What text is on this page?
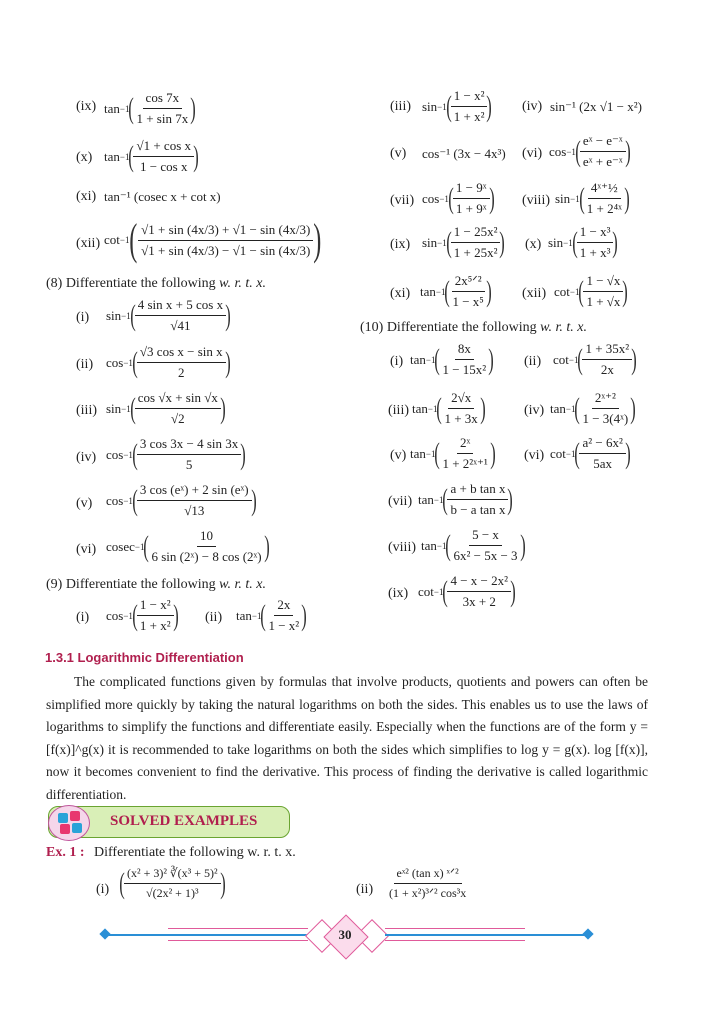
(ix) tan −1 ( $\frac{\cos 7x}{1 + \sin 7x}$ )
(x) tan −1 ( $\frac{\text{√1 + cos x}}{\text{1 − cos x}}$ )
(xi) tan⁻¹ (cosec x + cot x)
(xii) cot −1 ( $\frac{√1 + \sin (4x/3) + √1 - \sin (4x/3)}{√1 + \sin (4x/3) - √1 - \sin (4x/3)}$ )
(8) Differentiate the following w. r. t. x.
(i) sin −1 ( $\frac{\text{4 sin x + 5 cos x}}{√41}$ )
(ii) cos −1 ( $\frac{\text{√3 cos x − sin x}}{2}$ )
(iii) sin −1 ( $\frac{\cos √x + \sin √x}{√2}$ )
(iv) cos −1 ( $\frac{3 \cos 3x - 4 \sin 3x}{5}$ )
(v) cos −1 ( $\frac{\text{3 cos (eˣ) + 2 sin (eˣ)}}{√13}$ )
(vi) cosec −1 ( $\frac{10}{\text{6 sin (2ˣ) − 8 cos (2ˣ)}}$ )
(9) Differentiate the following w. r. t. x.
(i) cos −1 ( $\frac{\text{1 − x²}}{\text{1 + x²}}$ ) (ii) tan −1 ( $\frac{2x}{\text{1 − x²}}$ )
(iii) sin −1 ( $\frac{\text{1 − x²}}{\text{1 + x²}}$ ) (iv) sin⁻¹ (2x √1 − x²)
(v) cos⁻¹ (3x − 4x³) (vi) cos −1 ( $\frac{\text{eˣ − e⁻ˣ}}{\text{eˣ + e⁻ˣ}}$ )
(vii) cos −1 ( $\frac{\text{1 − 9ˣ}}{\text{1 + 9ˣ}}$ ) (viii) sin −1 ( $\frac{\text{4ˣ⁺½}}{\text{1 + 2⁴ˣ}}$ )
(ix) sin −1 ( $\frac{\text{1 − 25x²}}{\text{1 + 25x²}}$ ) (x) sin −1 ( $\frac{\text{1 − x³}}{\text{1 + x³}}$ )
(xi) tan −1 ( $\frac{\text{2x⁵ᐟ²}}{\text{1 − x⁵}}$ ) (xii) cot −1 ( $\frac{1 - √x}{1 + √x}$ )
(10) Differentiate the following w. r. t. x.
(i) tan −1 ( $\frac{8x}{\text{1 − 15x²}}$ ) (ii) cot −1 ( $\frac{\text{1 + 35x²}}{2x}$ )
(iii) tan −1 ( $\frac{2√x}{1 + 3x}$ )	(iv) tan −1 ( $\frac{\text{2ˣ⁺²}}{\text{1 − 3(4ˣ)}}$ )
(v) tan −1 ( $\frac{\text{2ˣ}}{\text{1 + 2²ˣ⁺¹}}$ ) (vi) cot −1 ( $\frac{\text{a² − 6x²}}{5ax}$ )
(vii) tan −1 ( $\frac{\text{a + b tan x}}{\text{b − a tan x}}$ )
(viii) tan −1 ( $\frac{5 - x}{\text{6x² − 5x − 3}}$ )
(ix) cot −1 ( $\frac{\text{4 − x − 2x²}}{3x + 2}$ )
1.3.1 Logarithmic Differentiation
The complicated functions given by formulas that involve products, quotients and powers can often be simplified more quickly by taking the natural logarithms on both the sides. This enables us to use the laws of logarithms to simplify the functions and differentiate easily. Especially when the functions are of the form y = [f(x)]^g(x) it is recommended to take logarithms on both the sides which simplifies to log y = g(x). log [f(x)], now it becomes convenient to find the derivative. This process of finding the derivative is called logarithmic differentiation.
SOLVED EXAMPLES
Ex. 1 : Differentiate the following w. r. t. x.
(i) ( $\frac{\text{(x² + 3)² ∛(x³ + 5)²}}{\text{√(2x² + 1)³}}$ )	$(ii) \frac{\text{eˣ² (tan x) ˣᐟ²}}{\text{(1 + x²)³ᐟ² cos³x}}$
30
